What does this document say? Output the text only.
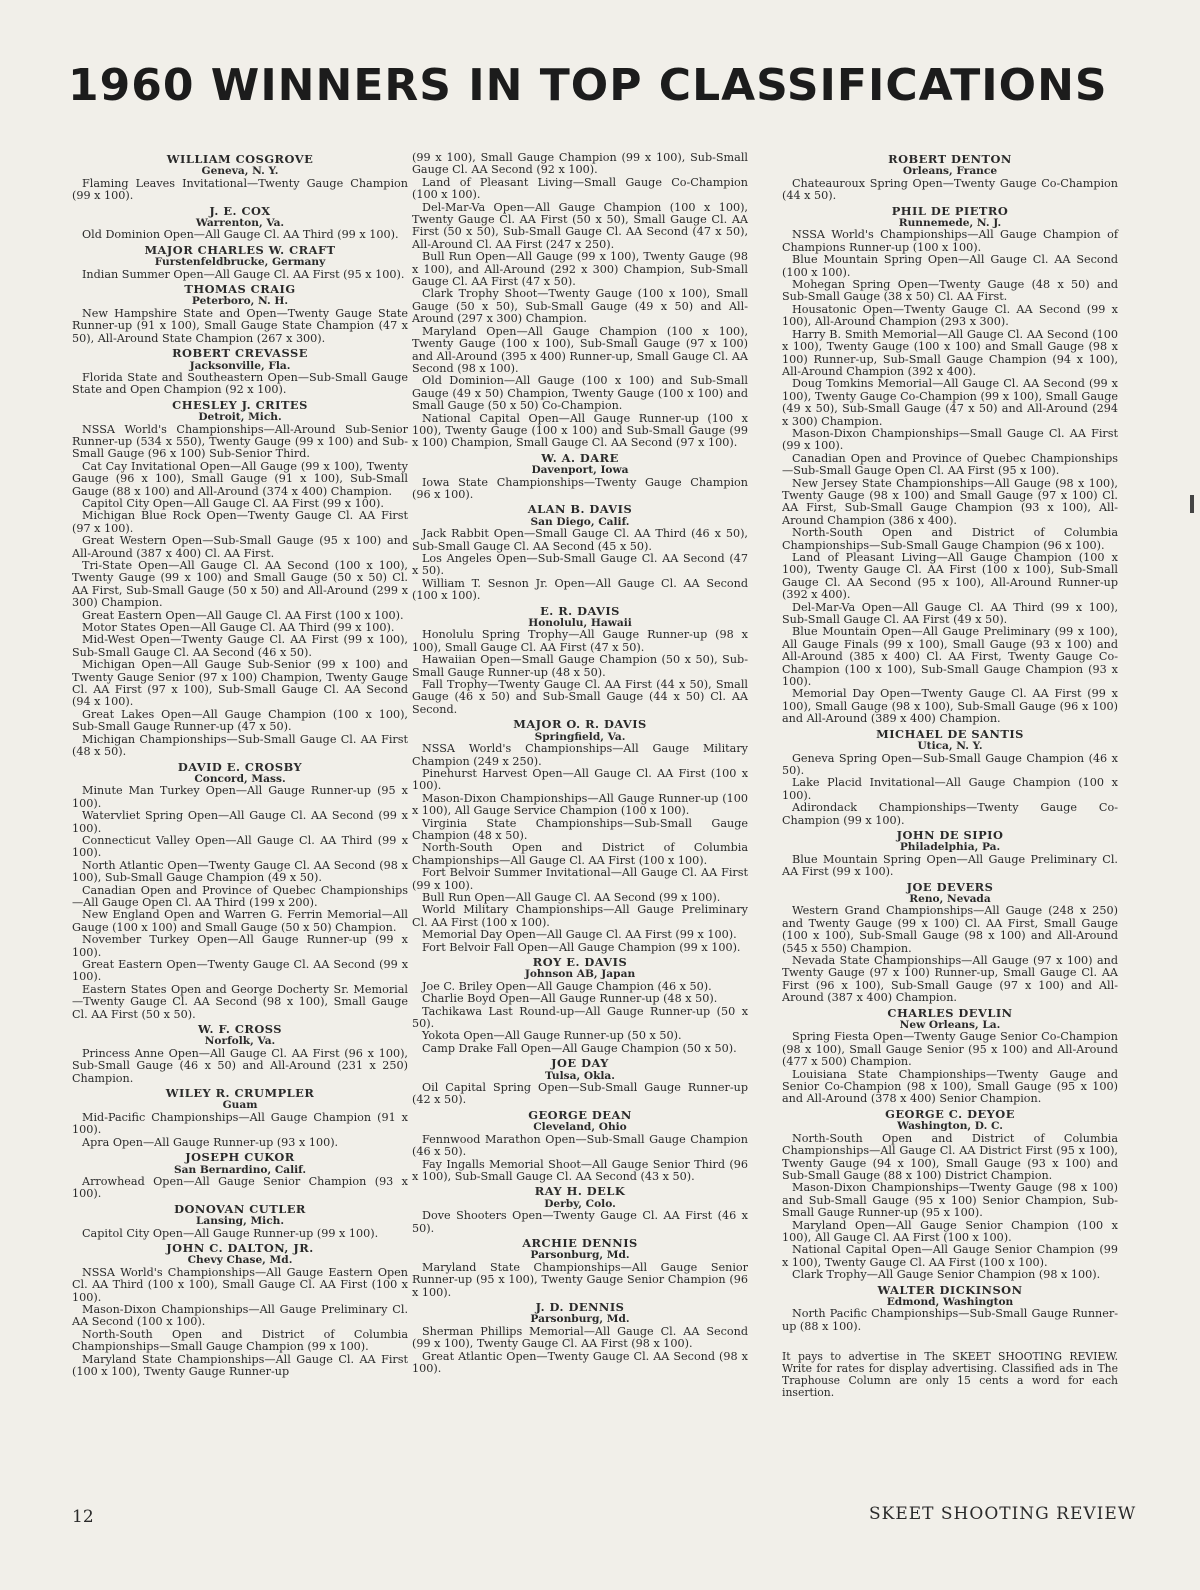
1960 WINNERS IN TOP CLASSIFICATIONS
WILLIAM COSGROVE
Geneva, N. Y.

Flaming Leaves Invitational—Twenty Gauge Champion (99 x 100).

J. E. COX
Warrenton, Va.

Old Dominion Open—All Gauge Cl. AA Third (99 x 100).

MAJOR CHARLES W. CRAFT
Furstenfeldbrucke, Germany

Indian Summer Open—All Gauge Cl. AA First (95 x 100).

THOMAS CRAIG
Peterboro, N. H.

New Hampshire State and Open—Twenty Gauge State Runner-up (91 x 100), Small Gauge State Champion (47 x 50), All-Around State Champion (267 x 300).

ROBERT CREVASSE
Jacksonville, Fla.

Florida State and Southeastern Open—Sub-Small Gauge State and Open Champion (92 x 100).

CHESLEY J. CRITES
Detroit, Mich.

NSSA World's Championships—All-Around Sub-Senior Runner-up (534 x 550), Twenty Gauge (99 x 100) and Sub-Small Gauge (96 x 100) Sub-Senior Third.

Cat Cay Invitational Open—All Gauge (99 x 100), Twenty Gauge (96 x 100), Small Gauge (91 x 100), Sub-Small Gauge (88 x 100) and All-Around (374 x 400) Champion.

Capitol City Open—All Gauge Cl. AA First (99 x 100).

Michigan Blue Rock Open—Twenty Gauge Cl. AA First (97 x 100).

Great Western Open—Sub-Small Gauge (95 x 100) and All-Around (387 x 400) Cl. AA First.

Tri-State Open—All Gauge Cl. AA Second (100 x 100), Twenty Gauge (99 x 100) and Small Gauge (50 x 50) Cl. AA First, Sub-Small Gauge (50 x 50) and All-Around (299 x 300) Champion.

Great Eastern Open—All Gauge Cl. AA First (100 x 100).

Motor States Open—All Gauge Cl. AA Third (99 x 100).

Mid-West Open—Twenty Gauge Cl. AA First (99 x 100), Sub-Small Gauge Cl. AA Second (46 x 50).

Michigan Open—All Gauge Sub-Senior (99 x 100) and Twenty Gauge Senior (97 x 100) Champion, Twenty Gauge Cl. AA First (97 x 100), Sub-Small Gauge Cl. AA Second (94 x 100).

Great Lakes Open—All Gauge Champion (100 x 100), Sub-Small Gauge Runner-up (47 x 50).

Michigan Championships—Sub-Small Gauge Cl. AA First (48 x 50).

DAVID E. CROSBY
Concord, Mass.

Minute Man Turkey Open—All Gauge Runner-up (95 x 100).

Watervliet Spring Open—All Gauge Cl. AA Second (99 x 100).

Connecticut Valley Open—All Gauge Cl. AA Third (99 x 100).

North Atlantic Open—Twenty Gauge Cl. AA Second (98 x 100), Sub-Small Gauge Champion (49 x 50).

Canadian Open and Province of Quebec Championships—All Gauge Open Cl. AA Third (199 x 200).

New England Open and Warren G. Ferrin Memorial—All Gauge (100 x 100) and Small Gauge (50 x 50) Champion.

November Turkey Open—All Gauge Runner-up (99 x 100).

Great Eastern Open—Twenty Gauge Cl. AA Second (99 x 100).

Eastern States Open and George Docherty Sr. Memorial—Twenty Gauge Cl. AA Second (98 x 100), Small Gauge Cl. AA First (50 x 50).

W. F. CROSS
Norfolk, Va.

Princess Anne Open—All Gauge Cl. AA First (96 x 100), Sub-Small Gauge (46 x 50) and All-Around (231 x 250) Champion.

WILEY R. CRUMPLER
Guam

Mid-Pacific Championships—All Gauge Champion (91 x 100).

Apra Open—All Gauge Runner-up (93 x 100).

JOSEPH CUKOR
San Bernardino, Calif.

Arrowhead Open—All Gauge Senior Champion (93 x 100).

DONOVAN CUTLER
Lansing, Mich.

Capitol City Open—All Gauge Runner-up (99 x 100).

JOHN C. DALTON, JR.
Chevy Chase, Md.

NSSA World's Championships—All Gauge Eastern Open Cl. AA Third (100 x 100), Small Gauge Cl. AA First (100 x 100).

Mason-Dixon Championships—All Gauge Preliminary Cl. AA Second (100 x 100).

North-South Open and District of Columbia Championships—Small Gauge Champion (99 x 100).

Maryland State Championships—All Gauge Cl. AA First (100 x 100), Twenty Gauge Runner-up

(99 x 100), Small Gauge Champion (99 x 100), Sub-Small Gauge Cl. AA Second (92 x 100).

Land of Pleasant Living—Small Gauge Co-Champion (100 x 100).

Del-Mar-Va Open—All Gauge Champion (100 x 100), Twenty Gauge Cl. AA First (50 x 50), Small Gauge Cl. AA First (50 x 50), Sub-Small Gauge Cl. AA Second (47 x 50), All-Around Cl. AA First (247 x 250).

Bull Run Open—All Gauge (99 x 100), Twenty Gauge (98 x 100), and All-Around (292 x 300) Champion, Sub-Small Gauge Cl. AA First (47 x 50).

Clark Trophy Shoot—Twenty Gauge (100 x 100), Small Gauge (50 x 50), Sub-Small Gauge (49 x 50) and All-Around (297 x 300) Champion.

Maryland Open—All Gauge Champion (100 x 100), Twenty Gauge (100 x 100), Sub-Small Gauge (97 x 100) and All-Around (395 x 400) Runner-up, Small Gauge Cl. AA Second (98 x 100).

Old Dominion—All Gauge (100 x 100) and Sub-Small Gauge (49 x 50) Champion, Twenty Gauge (100 x 100) and Small Gauge (50 x 50) Co-Champion.

National Capital Open—All Gauge Runner-up (100 x 100), Twenty Gauge (100 x 100) and Sub-Small Gauge (99 x 100) Champion, Small Gauge Cl. AA Second (97 x 100).

W. A. DARE
Davenport, Iowa

Iowa State Championships—Twenty Gauge Champion (96 x 100).

ALAN B. DAVIS
San Diego, Calif.

Jack Rabbit Open—Small Gauge Cl. AA Third (46 x 50), Sub-Small Gauge Cl. AA Second (45 x 50).

Los Angeles Open—Sub-Small Gauge Cl. AA Second (47 x 50).

William T. Sesnon Jr. Open—All Gauge Cl. AA Second (100 x 100).

E. R. DAVIS
Honolulu, Hawaii

Honolulu Spring Trophy—All Gauge Runner-up (98 x 100), Small Gauge Cl. AA First (47 x 50).

Hawaiian Open—Small Gauge Champion (50 x 50), Sub-Small Gauge Runner-up (48 x 50).

Fall Trophy—Twenty Gauge Cl. AA First (44 x 50), Small Gauge (46 x 50) and Sub-Small Gauge (44 x 50) Cl. AA Second.

MAJOR O. R. DAVIS
Springfield, Va.

NSSA World's Championships—All Gauge Military Champion (249 x 250).

Pinehurst Harvest Open—All Gauge Cl. AA First (100 x 100).

Mason-Dixon Championships—All Gauge Runner-up (100 x 100), All Gauge Service Champion (100 x 100).

Virginia State Championships—Sub-Small Gauge Champion (48 x 50).

North-South Open and District of Columbia Championships—All Gauge Cl. AA First (100 x 100).

Fort Belvoir Summer Invitational—All Gauge Cl. AA First (99 x 100).

Bull Run Open—All Gauge Cl. AA Second (99 x 100).

World Military Championships—All Gauge Preliminary Cl. AA First (100 x 100).

Memorial Day Open—All Gauge Cl. AA First (99 x 100).

Fort Belvoir Fall Open—All Gauge Champion (99 x 100).

ROY E. DAVIS
Johnson AB, Japan

Joe C. Briley Open—All Gauge Champion (46 x 50).

Charlie Boyd Open—All Gauge Runner-up (48 x 50).

Tachikawa Last Round-up—All Gauge Runner-up (50 x 50).

Yokota Open—All Gauge Runner-up (50 x 50).

Camp Drake Fall Open—All Gauge Champion (50 x 50).

JOE DAY
Tulsa, Okla.

Oil Capital Spring Open—Sub-Small Gauge Runner-up (42 x 50).

GEORGE DEAN
Cleveland, Ohio

Fennwood Marathon Open—Sub-Small Gauge Champion (46 x 50).

Fay Ingalls Memorial Shoot—All Gauge Senior Third (96 x 100), Sub-Small Gauge Cl. AA Second (43 x 50).

RAY H. DELK
Derby, Colo.

Dove Shooters Open—Twenty Gauge Cl. AA First (46 x 50).

ARCHIE DENNIS
Parsonburg, Md.

Maryland State Championships—All Gauge Senior Runner-up (95 x 100), Twenty Gauge Senior Champion (96 x 100).

J. D. DENNIS
Parsonburg, Md.

Sherman Phillips Memorial—All Gauge Cl. AA Second (99 x 100), Twenty Gauge Cl. AA First (98 x 100).

Great Atlantic Open—Twenty Gauge Cl. AA Second (98 x 100).

ROBERT DENTON
Orleans, France

Chateauroux Spring Open—Twenty Gauge Co-Champion (44 x 50).

PHIL DE PIETRO
Runnemede, N. J.

NSSA World's Championships—All Gauge Champion of Champions Runner-up (100 x 100).

Blue Mountain Spring Open—All Gauge Cl. AA Second (100 x 100).

Mohegan Spring Open—Twenty Gauge (48 x 50) and Sub-Small Gauge (38 x 50) Cl. AA First.

Housatonic Open—Twenty Gauge Cl. AA Second (99 x 100), All-Around Champion (293 x 300).

Harry B. Smith Memorial—All Gauge Cl. AA Second (100 x 100), Twenty Gauge (100 x 100) and Small Gauge (98 x 100) Runner-up, Sub-Small Gauge Champion (94 x 100), All-Around Champion (392 x 400).

Doug Tomkins Memorial—All Gauge Cl. AA Second (99 x 100), Twenty Gauge Co-Champion (99 x 100), Small Gauge (49 x 50), Sub-Small Gauge (47 x 50) and All-Around (294 x 300) Champion.

Mason-Dixon Championships—Small Gauge Cl. AA First (99 x 100).

Canadian Open and Province of Quebec Championships—Sub-Small Gauge Open Cl. AA First (95 x 100).

New Jersey State Championships—All Gauge (98 x 100), Twenty Gauge (98 x 100) and Small Gauge (97 x 100) Cl. AA First, Sub-Small Gauge Champion (93 x 100), All-Around Champion (386 x 400).

North-South Open and District of Columbia Championships—Sub-Small Gauge Champion (96 x 100).

Land of Pleasant Living—All Gauge Champion (100 x 100), Twenty Gauge Cl. AA First (100 x 100), Sub-Small Gauge Cl. AA Second (95 x 100), All-Around Runner-up (392 x 400).

Del-Mar-Va Open—All Gauge Cl. AA Third (99 x 100), Sub-Small Gauge Cl. AA First (49 x 50).

Blue Mountain Open—All Gauge Preliminary (99 x 100), All Gauge Finals (99 x 100), Small Gauge (93 x 100) and All-Around (385 x 400) Cl. AA First, Twenty Gauge Co-Champion (100 x 100), Sub-Small Gauge Champion (93 x 100).

Memorial Day Open—Twenty Gauge Cl. AA First (99 x 100), Small Gauge (98 x 100), Sub-Small Gauge (96 x 100) and All-Around (389 x 400) Champion.

MICHAEL DE SANTIS
Utica, N. Y.

Geneva Spring Open—Sub-Small Gauge Champion (46 x 50).

Lake Placid Invitational—All Gauge Champion (100 x 100).

Adirondack Championships—Twenty Gauge Co-Champion (99 x 100).

JOHN DE SIPIO
Philadelphia, Pa.

Blue Mountain Spring Open—All Gauge Preliminary Cl. AA First (99 x 100).

JOE DEVERS
Reno, Nevada

Western Grand Championships—All Gauge (248 x 250) and Twenty Gauge (99 x 100) Cl. AA First, Small Gauge (100 x 100), Sub-Small Gauge (98 x 100) and All-Around (545 x 550) Champion.

Nevada State Championships—All Gauge (97 x 100) and Twenty Gauge (97 x 100) Runner-up, Small Gauge Cl. AA First (96 x 100), Sub-Small Gauge (97 x 100) and All-Around (387 x 400) Champion.

CHARLES DEVLIN
New Orleans, La.

Spring Fiesta Open—Twenty Gauge Senior Co-Champion (98 x 100), Small Gauge Senior (95 x 100) and All-Around (477 x 500) Champion.

Louisiana State Championships—Twenty Gauge and Senior Co-Champion (98 x 100), Small Gauge (95 x 100) and All-Around (378 x 400) Senior Champion.

GEORGE C. DEYOE
Washington, D. C.

North-South Open and District of Columbia Championships—All Gauge Cl. AA District First (95 x 100), Twenty Gauge (94 x 100), Small Gauge (93 x 100) and Sub-Small Gauge (88 x 100) District Champion.

Mason-Dixon Championships—Twenty Gauge (98 x 100) and Sub-Small Gauge (95 x 100) Senior Champion, Sub-Small Gauge Runner-up (95 x 100).

Maryland Open—All Gauge Senior Champion (100 x 100), All Gauge Cl. AA First (100 x 100).

National Capital Open—All Gauge Senior Champion (99 x 100), Twenty Gauge Cl. AA First (100 x 100).

Clark Trophy—All Gauge Senior Champion (98 x 100).

WALTER DICKINSON
Edmond, Washington

North Pacific Championships—Sub-Small Gauge Runner-up (88 x 100).

It pays to advertise in The SKEET SHOOTING REVIEW. Write for rates for display advertising. Classified ads in The Traphouse Column are only 15 cents a word for each insertion.
12	SKEET SHOOTING REVIEW
